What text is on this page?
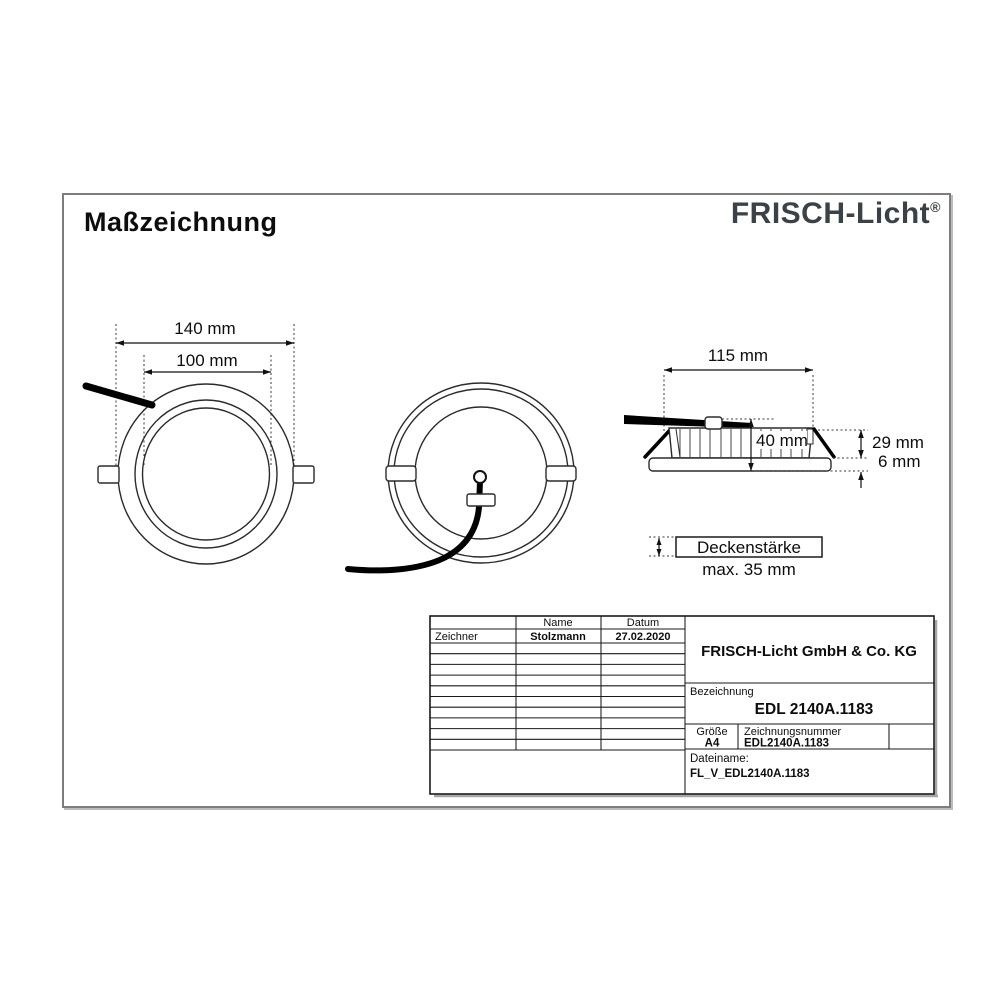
Maßzeichnung	FRISCH-Licht®
140 mm
100 mm	115 mm
40 mm	29 mm
6 mm
Deckenstärke
max. 35 mm
Name	Datum
Zeichner	Stolzmann	27.02.2020
FRISCH-Licht GmbH & Co. KG
Bezeichnung
EDL 2140A.1183
Größe
A4
Zeichnungsnummer
EDL2140A.1183
Dateiname:
FL_V_EDL2140A.1183
